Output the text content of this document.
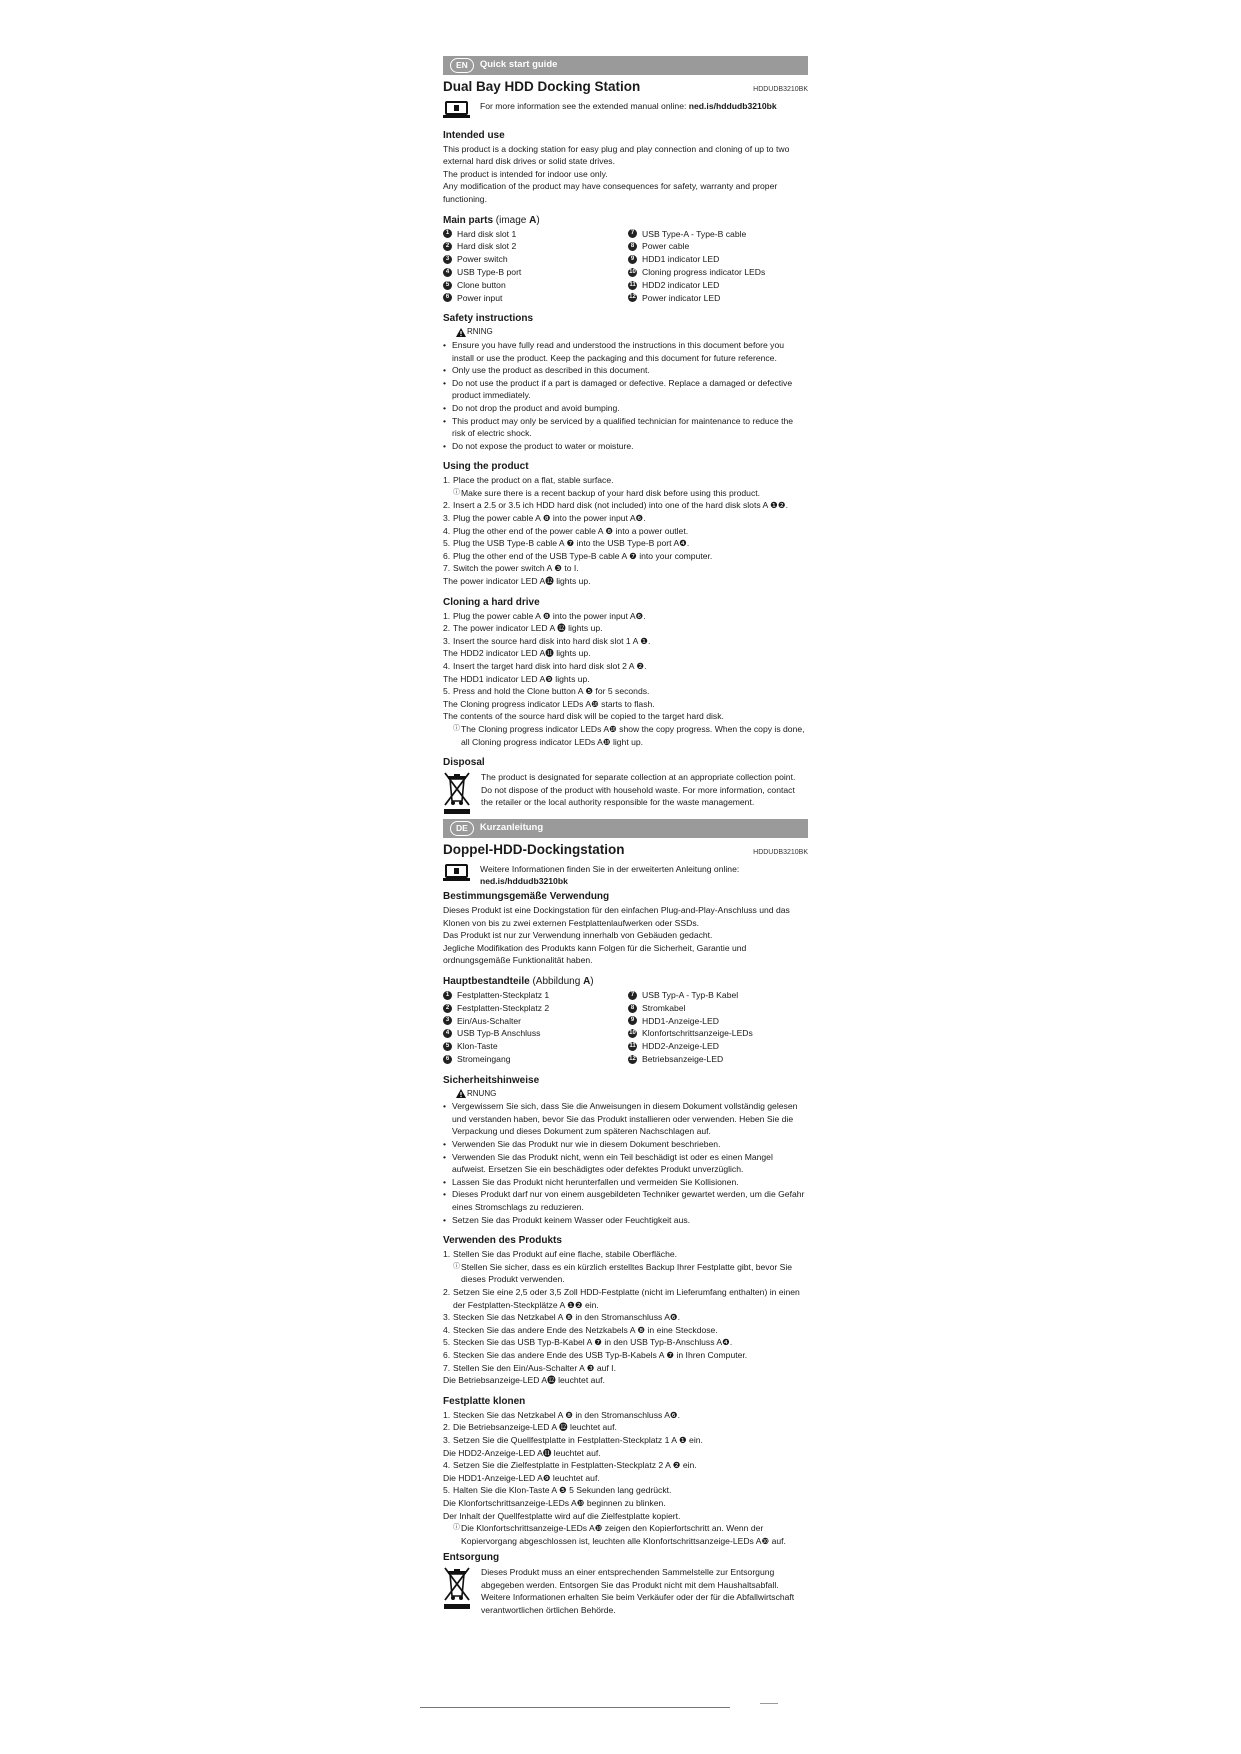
EN	Quick start guide
Dual Bay HDD Docking Station	HDDUDB3210BK
For more information see the extended manual online: ned.is/hddudb3210bk
Intended use

This product is a docking station for easy plug and play connection and cloning of up to two external hard disk drives or solid state drives.

The product is intended for indoor use only.

Any modification of the product may have consequences for safety, warranty and proper functioning.

Main parts (image A)
1 Hard disk slot 1	7 USB Type-A - Type-B cable
2 Hard disk slot 2	8 Power cable
3 Power switch	9 HDD1 indicator LED
4 USB Type-B port	10 Cloning progress indicator LEDs
5 Clone button	11 HDD2 indicator LED
6 Power input	12 Power indicator LED
Safety instructions
RNING
• Ensure you have fully read and understood the instructions in this document before you install or use the product. Keep the packaging and this document for future reference.
• Only use the product as described in this document.
• Do not use the product if a part is damaged or defective. Replace a damaged or defective product immediately.
• Do not drop the product and avoid bumping.
• This product may only be serviced by a qualified technician for maintenance to reduce the risk of electric shock.
• Do not expose the product to water or moisture.
Using the product
1. Place the product on a flat, stable surface.
ⓘ Make sure there is a recent backup of your hard disk before using this product.
2. Insert a 2.5 or 3.5 ich HDD hard disk (not included) into one of the hard disk slots A ❶❷.
3. Plug the power cable A ❽ into the power input A❻.
4. Plug the other end of the power cable A ❽ into a power outlet.
5. Plug the USB Type-B cable A ❼ into the USB Type-B port A❹.
6. Plug the other end of the USB Type-B cable A ❼ into your computer.
7. Switch the power switch A ❸ to I.
The power indicator LED A⓬ lights up.
Cloning a hard drive
1. Plug the power cable A ❽ into the power input A❻.
2. The power indicator LED A ⓬ lights up.
3. Insert the source hard disk into hard disk slot 1 A ❶.
The HDD2 indicator LED A⓫ lights up.
4. Insert the target hard disk into hard disk slot 2 A ❷.
The HDD1 indicator LED A❾ lights up.
5. Press and hold the Clone button A ❺ for 5 seconds.
The Cloning progress indicator LEDs A❿ starts to flash.
The contents of the source hard disk will be copied to the target hard disk.
ⓘ The Cloning progress indicator LEDs A❿ show the copy progress. When the copy is done, all Cloning progress indicator LEDs A❿ light up.
Disposal

The product is designated for separate collection at an appropriate collection point. Do not dispose of the product with household waste. For more information, contact the retailer or the local authority responsible for the waste management.

DE	Kurzanleitung
Doppel-HDD-Dockingstation	HDDUDB3210BK
Weitere Informationen finden Sie in der erweiterten Anleitung online:
ned.is/hddudb3210bk
Bestimmungsgemäße Verwendung

Dieses Produkt ist eine Dockingstation für den einfachen Plug-and-Play-Anschluss und das Klonen von bis zu zwei externen Festplattenlaufwerken oder SSDs.

Das Produkt ist nur zur Verwendung innerhalb von Gebäuden gedacht.

Jegliche Modifikation des Produkts kann Folgen für die Sicherheit, Garantie und ordnungsgemäße Funktionalität haben.

Hauptbestandteile (Abbildung A)
1 Festplatten-Steckplatz 1	7 USB Typ-A - Typ-B Kabel
2 Festplatten-Steckplatz 2	8 Stromkabel
3 Ein/Aus-Schalter	9 HDD1-Anzeige-LED
4 USB Typ-B Anschluss	10 Klonfortschrittsanzeige-LEDs
5 Klon-Taste	11 HDD2-Anzeige-LED
6 Stromeingang	12 Betriebsanzeige-LED
Sicherheitshinweise
RNUNG
• Vergewissern Sie sich, dass Sie die Anweisungen in diesem Dokument vollständig gelesen und verstanden haben, bevor Sie das Produkt installieren oder verwenden. Heben Sie die Verpackung und dieses Dokument zum späteren Nachschlagen auf.
• Verwenden Sie das Produkt nur wie in diesem Dokument beschrieben.
• Verwenden Sie das Produkt nicht, wenn ein Teil beschädigt ist oder es einen Mangel aufweist. Ersetzen Sie ein beschädigtes oder defektes Produkt unverzüglich.
• Lassen Sie das Produkt nicht herunterfallen und vermeiden Sie Kollisionen.
• Dieses Produkt darf nur von einem ausgebildeten Techniker gewartet werden, um die Gefahr eines Stromschlags zu reduzieren.
• Setzen Sie das Produkt keinem Wasser oder Feuchtigkeit aus.
Verwenden des Produkts
1. Stellen Sie das Produkt auf eine flache, stabile Oberfläche.
ⓘ Stellen Sie sicher, dass es ein kürzlich erstelltes Backup Ihrer Festplatte gibt, bevor Sie dieses Produkt verwenden.
2. Setzen Sie eine 2,5 oder 3,5 Zoll HDD-Festplatte (nicht im Lieferumfang enthalten) in einen der Festplatten-Steckplätze A ❶❷ ein.
3. Stecken Sie das Netzkabel A ❽ in den Stromanschluss A❻.
4. Stecken Sie das andere Ende des Netzkabels A ❽ in eine Steckdose.
5. Stecken Sie das USB Typ-B-Kabel A ❼ in den USB Typ-B-Anschluss A❹.
6. Stecken Sie das andere Ende des USB Typ-B-Kabels A ❼ in Ihren Computer.
7. Stellen Sie den Ein/Aus-Schalter A ❸ auf I.
Die Betriebsanzeige-LED A⓬ leuchtet auf.
Festplatte klonen
1. Stecken Sie das Netzkabel A ❽ in den Stromanschluss A❻.
2. Die Betriebsanzeige-LED A ⓬ leuchtet auf.
3. Setzen Sie die Quellfestplatte in Festplatten-Steckplatz 1 A ❶ ein.
Die HDD2-Anzeige-LED A⓫ leuchtet auf.
4. Setzen Sie die Zielfestplatte in Festplatten-Steckplatz 2 A ❷ ein.
Die HDD1-Anzeige-LED A❾ leuchtet auf.
5. Halten Sie die Klon-Taste A ❺ 5 Sekunden lang gedrückt.
Die Klonfortschrittsanzeige-LEDs A❿ beginnen zu blinken.
Der Inhalt der Quellfestplatte wird auf die Zielfestplatte kopiert.
ⓘ Die Klonfortschrittsanzeige-LEDs A❿ zeigen den Kopierfortschritt an. Wenn der Kopiervorgang abgeschlossen ist, leuchten alle Klonfortschrittsanzeige-LEDs A❿ auf.
Entsorgung

Dieses Produkt muss an einer entsprechenden Sammelstelle zur Entsorgung abgegeben werden. Entsorgen Sie das Produkt nicht mit dem Haushaltsabfall. Weitere Informationen erhalten Sie beim Verkäufer oder der für die Abfallwirtschaft verantwortlichen örtlichen Behörde.
